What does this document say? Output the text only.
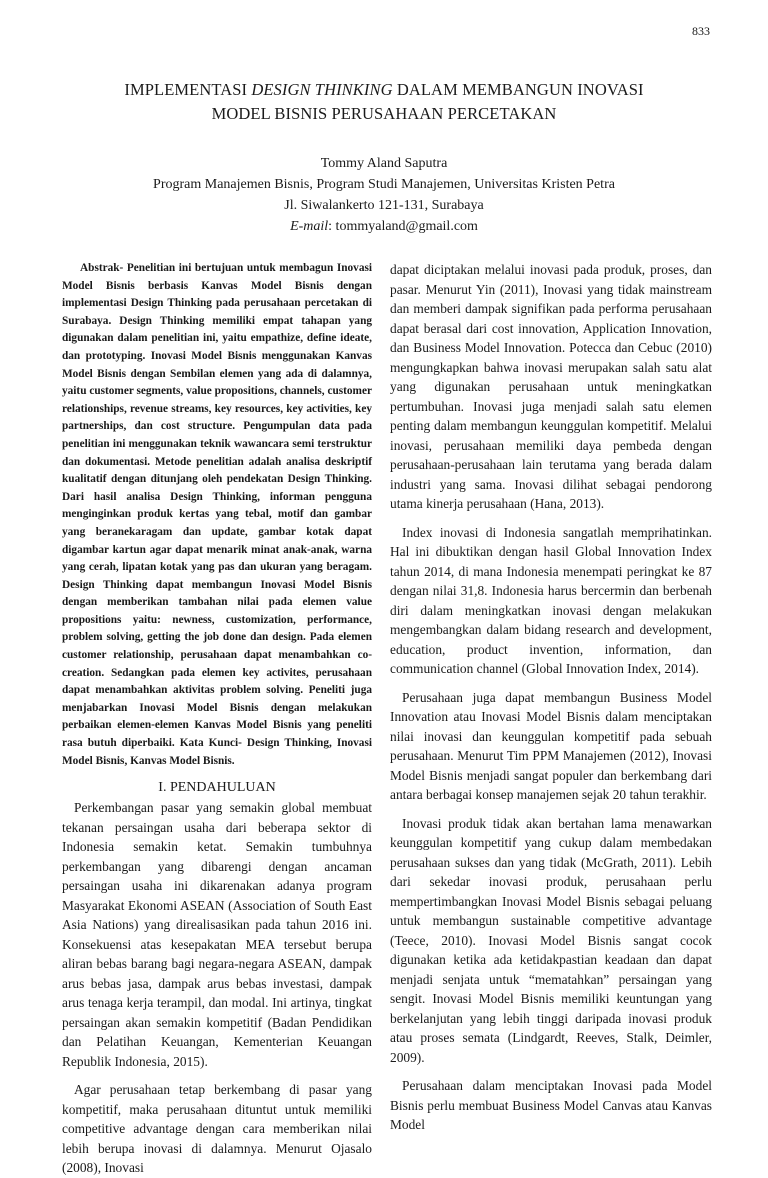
833
IMPLEMENTASI DESIGN THINKING DALAM MEMBANGUN INOVASI
MODEL BISNIS PERUSAHAAN PERCETAKAN
Tommy Aland Saputra
Program Manajemen Bisnis, Program Studi Manajemen, Universitas Kristen Petra
Jl. Siwalankerto 121-131, Surabaya
E-mail: tommyaland@gmail.com

Abstrak- Penelitian ini bertujuan untuk membagun Inovasi Model Bisnis berbasis Kanvas Model Bisnis dengan implementasi Design Thinking pada perusahaan percetakan di Surabaya. Design Thinking memiliki empat tahapan yang digunakan dalam penelitian ini, yaitu empathize, define ideate, dan prototyping. Inovasi Model Bisnis menggunakan Kanvas Model Bisnis dengan Sembilan elemen yang ada di dalamnya, yaitu customer segments, value propositions, channels, customer relationships, revenue streams, key resources, key activities, key partnerships, dan cost structure. Pengumpulan data pada penelitian ini menggunakan teknik wawancara semi terstruktur dan dokumentasi. Metode penelitian adalah analisa deskriptif kualitatif dengan ditunjang oleh pendekatan Design Thinking. Dari hasil analisa Design Thinking, informan pengguna menginginkan produk kertas yang tebal, motif dan gambar yang beranekaragam dan update, gambar kotak dapat digambar kartun agar dapat menarik minat anak-anak, warna yang cerah, lipatan kotak yang pas dan ukuran yang beragam. Design Thinking dapat membangun Inovasi Model Bisnis dengan memberikan tambahan nilai pada elemen value propositions yaitu: newness, customization, performance, problem solving, getting the job done dan design. Pada elemen customer relationship, perusahaan dapat menambahkan co-creation. Sedangkan pada elemen key activites, perusahaan dapat menambahkan aktivitas problem solving. Peneliti juga menjabarkan Inovasi Model Bisnis dengan melakukan perbaikan elemen-elemen Kanvas Model Bisnis yang peneliti rasa butuh diperbaiki. Kata Kunci- Design Thinking, Inovasi Model Bisnis, Kanvas Model Bisnis.

I. PENDAHULUAN

Perkembangan pasar yang semakin global membuat tekanan persaingan usaha dari beberapa sektor di Indonesia semakin ketat. Semakin tumbuhnya perkembangan yang dibarengi dengan ancaman persaingan usaha ini dikarenakan adanya program Masyarakat Ekonomi ASEAN (Association of South East Asia Nations) yang direalisasikan pada tahun 2016 ini. Konsekuensi atas kesepakatan MEA tersebut berupa aliran bebas barang bagi negara-negara ASEAN, dampak arus bebas jasa, dampak arus bebas investasi, dampak arus tenaga kerja terampil, dan modal. Ini artinya, tingkat persaingan akan semakin kompetitif (Badan Pendidikan dan Pelatihan Keuangan, Kementerian Keuangan Republik Indonesia, 2015).

Agar perusahaan tetap berkembang di pasar yang kompetitif, maka perusahaan dituntut untuk memiliki competitive advantage dengan cara memberikan nilai lebih berupa inovasi di dalamnya. Menurut Ojasalo (2008), Inovasi

dapat diciptakan melalui inovasi pada produk, proses, dan pasar. Menurut Yin (2011), Inovasi yang tidak mainstream dan memberi dampak signifikan pada performa perusahaan dapat berasal dari cost innovation, Application Innovation, dan Business Model Innovation. Potecca dan Cebuc (2010) mengungkapkan bahwa inovasi merupakan salah satu alat yang digunakan perusahaan untuk meningkatkan pertumbuhan. Inovasi juga menjadi salah satu elemen penting dalam membangun keunggulan kompetitif. Melalui inovasi, perusahaan memiliki daya pembeda dengan perusahaan-perusahaan lain terutama yang berada dalam industri yang sama. Inovasi dilihat sebagai pendorong utama kinerja perusahaan (Hana, 2013).

Index inovasi di Indonesia sangatlah memprihatinkan. Hal ini dibuktikan dengan hasil Global Innovation Index tahun 2014, di mana Indonesia menempati peringkat ke 87 dengan nilai 31,8. Indonesia harus bercermin dan berbenah diri dalam meningkatkan inovasi dengan melakukan mengembangkan dalam bidang research and development, education, product invention, information, dan communication channel (Global Innovation Index, 2014).

Perusahaan juga dapat membangun Business Model Innovation atau Inovasi Model Bisnis dalam menciptakan nilai inovasi dan keunggulan kompetitif pada sebuah perusahaan. Menurut Tim PPM Manajemen (2012), Inovasi Model Bisnis menjadi sangat populer dan berkembang dari antara berbagai konsep manajemen sejak 20 tahun terakhir.

Inovasi produk tidak akan bertahan lama menawarkan keunggulan kompetitif yang cukup dalam membedakan perusahaan sukses dan yang tidak (McGrath, 2011). Lebih dari sekedar inovasi produk, perusahaan perlu mempertimbangkan Inovasi Model Bisnis sebagai peluang untuk membangun sustainable competitive advantage (Teece, 2010). Inovasi Model Bisnis sangat cocok digunakan ketika ada ketidakpastian keadaan dan dapat menjadi senjata untuk “mematahkan” persaingan yang sengit. Inovasi Model Bisnis memiliki keuntungan yang berkelanjutan yang lebih tinggi daripada inovasi produk atau proses semata (Lindgardt, Reeves, Stalk, Deimler, 2009).

Perusahaan dalam menciptakan Inovasi pada Model Bisnis perlu membuat Business Model Canvas atau Kanvas Model
